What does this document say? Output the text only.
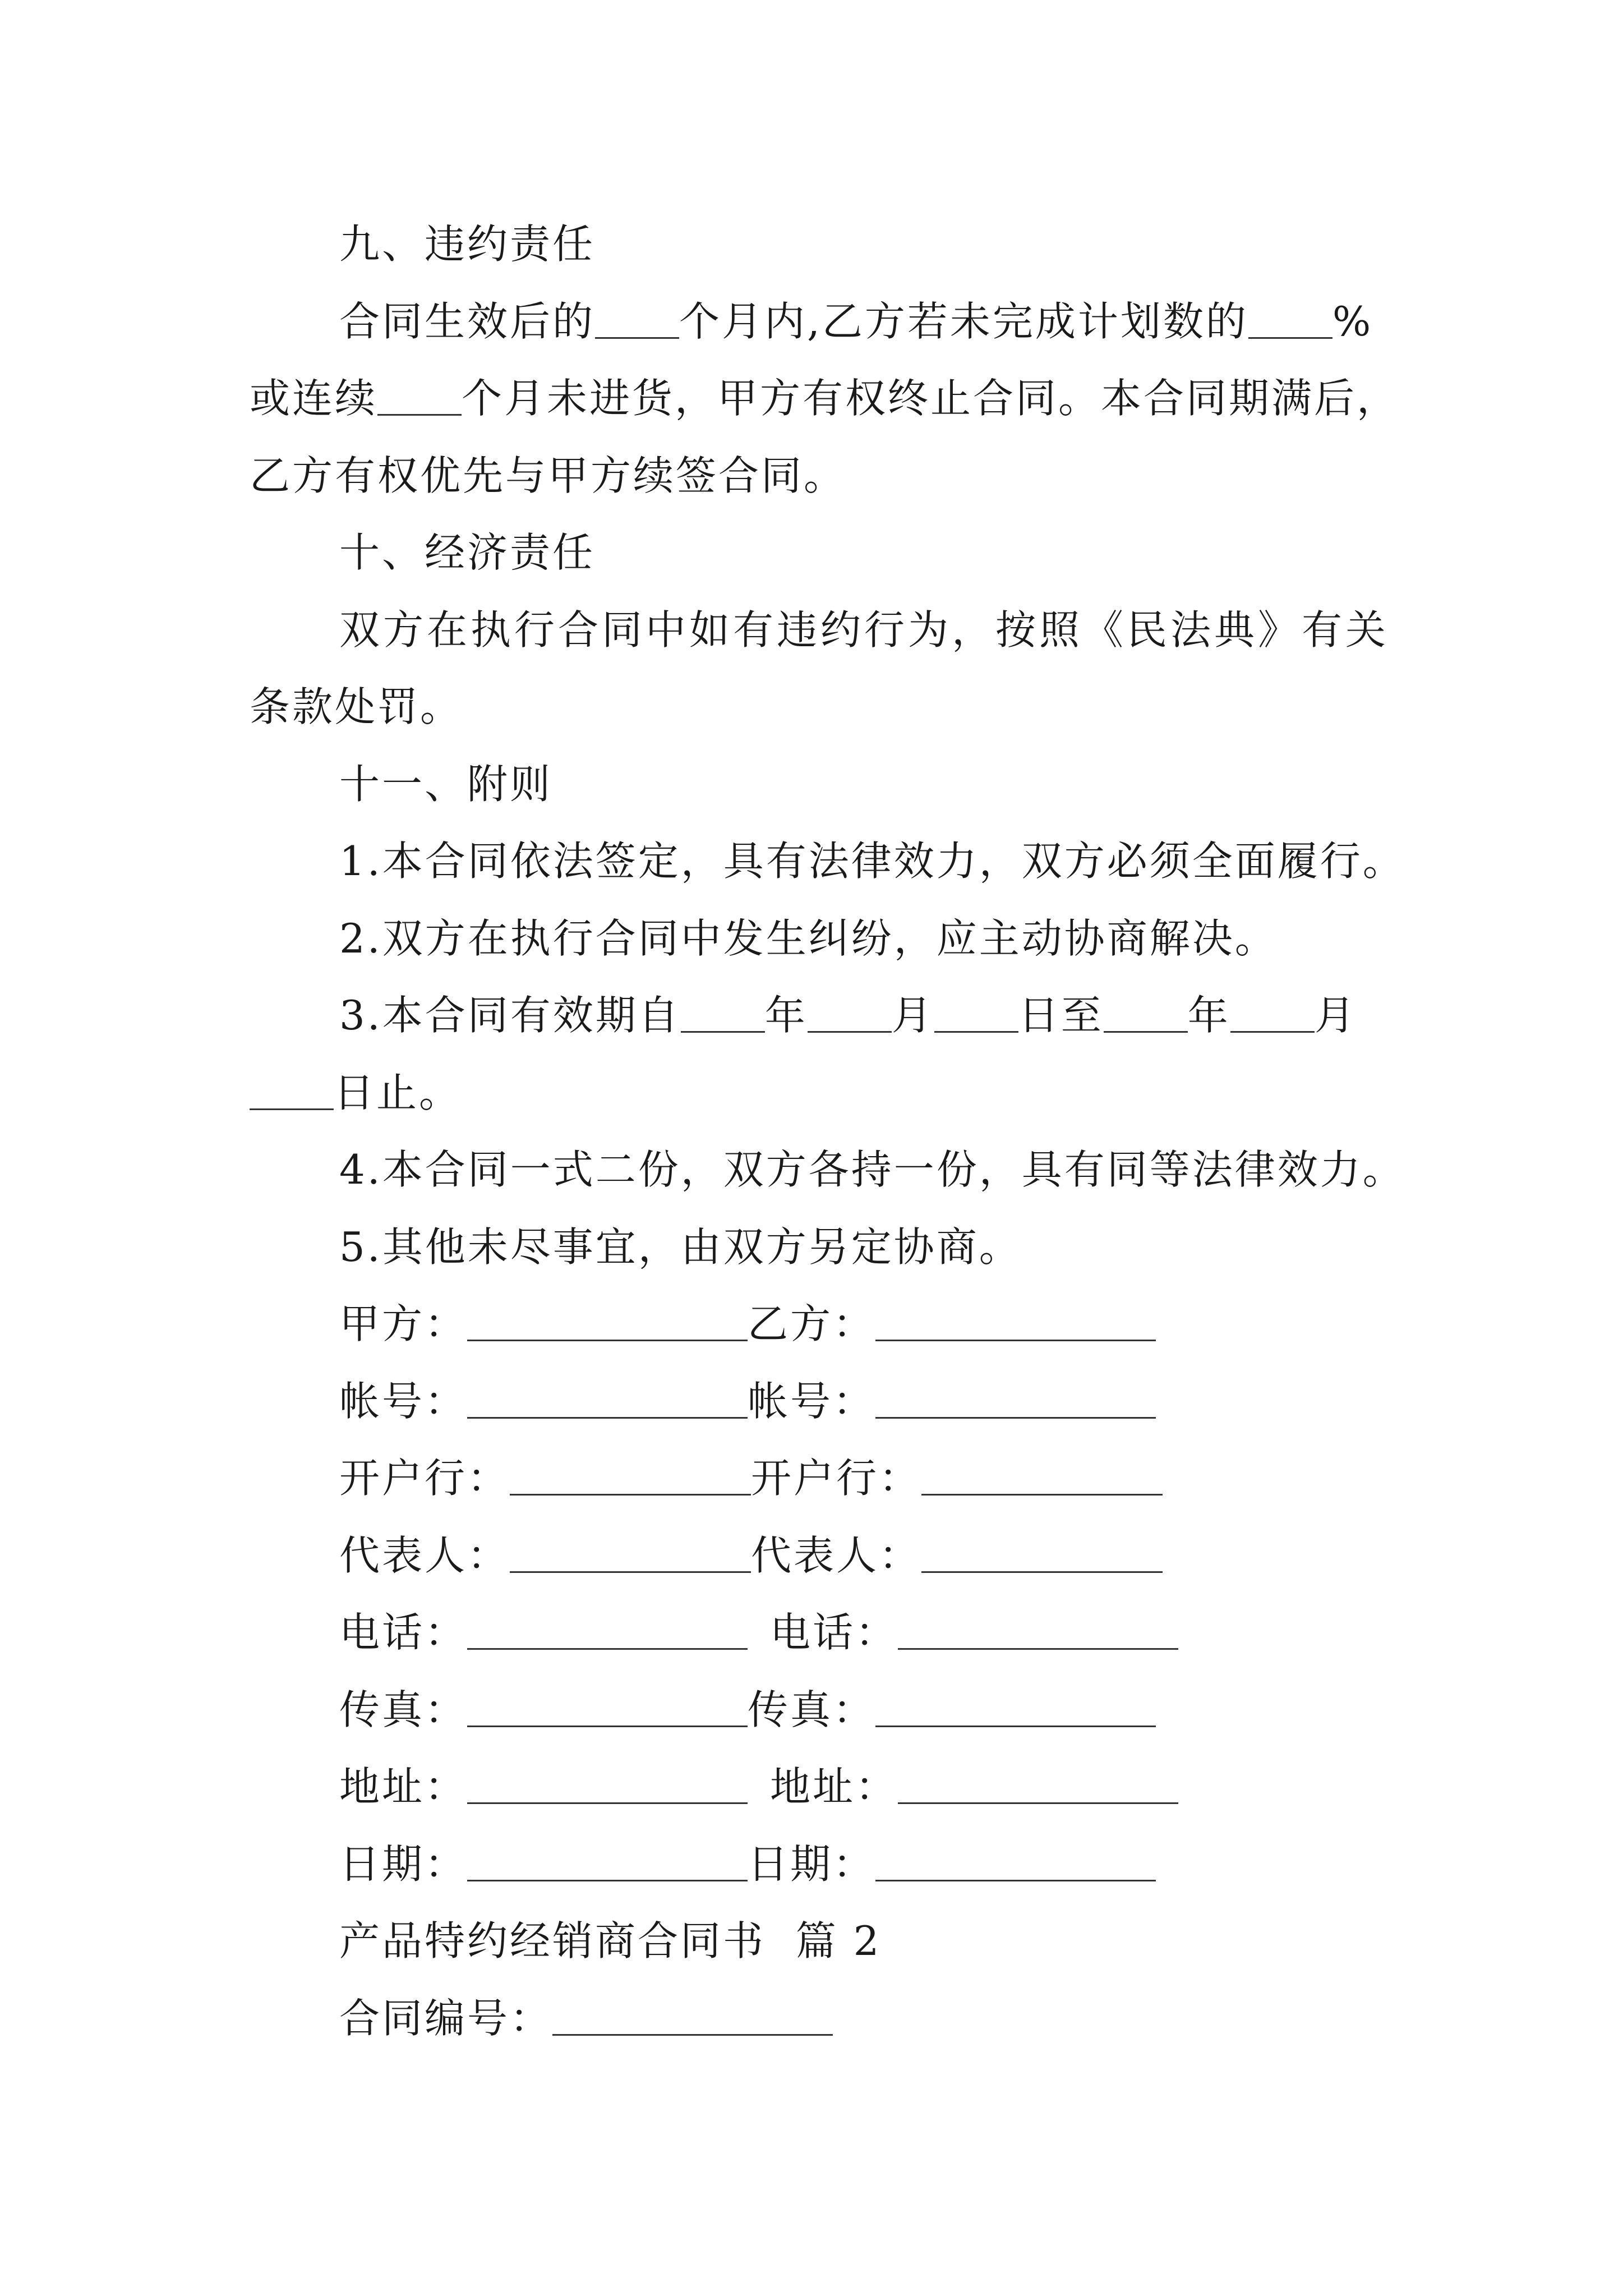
九、违约责任
合同生效后的 个月内,乙方若未完成计划数的 %
或连续 个月未进货，甲方有权终止合同。本合同期满后，
乙方有权优先与甲方续签合同。
十、经济责任
双方在执行合同中如有违约行为，按照《民法典》有关
条款处罚。
十一、附则
1.本合同依法签定，具有法律效力，双方必须全面履行。
2.双方在执行合同中发生纠纷，应主动协商解决。
3.本合同有效期自 年 月 日至 年 月
日止。
4.本合同一式二份，双方各持一份，具有同等法律效力。
5.其他未尽事宜，由双方另定协商。
甲方：	乙方：
帐号：	帐号：
开户行：	开户行：
代表人：	代表人：
电话：	电话：
传真：	传真：
地址：	地址：
日期：	日期：
产品特约经销商合同书  篇 2
合同编号：
